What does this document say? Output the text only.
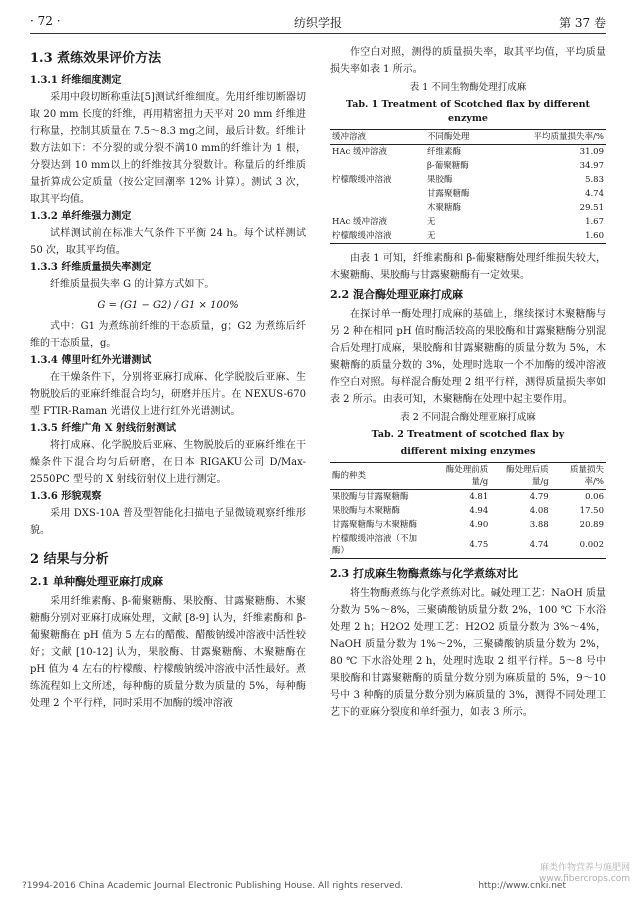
· 72 ·	纺织学报	第 37 卷
1.3 煮练效果评价方法
1.3.1 纤维细度测定
采用中段切断称重法[5]测试纤维细度。先用纤维切断器切取 20 mm 长度的纤维，再用精密扭力天平对 20 mm 纤维进行称量，控制其质量在 7.5～8.3 mg之间，最后计数。纤维计数方法如下：不分裂的或分裂不满10 mm的纤维计为 1 根，分裂达到 10 mm以上的纤维按其分裂数计。称量后的纤维质量折算成公定质量（按公定回潮率 12% 计算）。测试 3 次，取其平均值。
1.3.2 单纤维强力测定
试样测试前在标准大气条件下平衡 24 h。每个试样测试 50 次，取其平均值。
1.3.3 纤维质量损失率测定
纤维质量损失率 G 的计算方式如下。
G = (G1 − G2) / G1 × 100%
式中：G1 为煮练前纤维的干态质量，g；G2 为煮练后纤维的干态质量，g。
1.3.4 傅里叶红外光谱测试
在干燥条件下，分别将亚麻打成麻、化学脱胶后亚麻、生物脱胶后的亚麻纤维混合均匀，研磨并压片。在 NEXUS-670 型 FTIR-Raman 光谱仪上进行红外光谱测试。
1.3.5 纤维广角 X 射线衍射测试
将打成麻、化学脱胶后亚麻、生物脱胶后的亚麻纤维在干燥条件下混合均匀后研磨，在日本 RIGAKU公司 D/Max-2550PC 型号的 X 射线衍射仪上进行测定。
1.3.6 形貌观察
采用 DXS-10A 普及型智能化扫描电子显微镜观察纤维形貌。
2 结果与分析
2.1 单种酶处理亚麻打成麻
采用纤维素酶、β-葡聚糖酶、果胶酶、甘露聚糖酶、木聚糖酶分别对亚麻打成麻处理，文献 [8-9] 认为，纤维素酶和 β-葡聚糖酶在 pH 值为 5 左右的醋酸、醋酸钠缓冲溶液中活性较好；文献 [10-12] 认为，果胶酶、甘露聚糖酶、木聚糖酶在 pH 值为 4 左右的柠檬酸、柠檬酸钠缓冲溶液中活性最好。煮练流程如上文所述，每种酶的质量分数为质量的 5%，每种酶处理 2 个平行样，同时采用不加酶的缓冲溶液
作空白对照，测得的质量损失率，取其平均值，平均质量损失率如表 1 所示。
表 1 不同生物酶处理打成麻
Tab. 1 Treatment of Scotched flax by different enzyme
缓冲溶液	不同酶处理	平均质量损失率/%
HAc 缓冲溶液	纤维素酶	31.09
	β-葡聚糖酶	34.97
柠檬酸缓冲溶液	果胶酶	5.83
	甘露聚糖酶	4.74
	木聚糖酶	29.51
HAc 缓冲溶液	无	1.67
柠檬酸缓冲溶液	无	1.60
由表 1 可知，纤维素酶和 β-葡聚糖酶处理纤维损失较大，木聚糖酶、果胶酶与甘露聚糖酶有一定效果。
2.2 混合酶处理亚麻打成麻
在探讨单一酶处理打成麻的基础上，继续探讨木聚糖酶与另 2 种在相同 pH 值时酶活较高的果胶酶和甘露聚糖酶分别混合后处理打成麻，果胶酶和甘露聚糖酶的质量分数为 5%，木聚糖酶的质量分数的 3%，处理时选取一个不加酶的缓冲溶液作空白对照。每样混合酶处理 2 组平行样，测得质量损失率如表 2 所示。由表可知，木聚糖酶在处理中起主要作用。
表 2 不同混合酶处理亚麻打成麻
Tab. 2 Treatment of scotched flax by
different mixing enzymes
酶的种类	酶处理前质量/g	酶处理后质量/g	质量损失率/%
果胶酶与甘露聚糖酶	4.81	4.79	0.06
果胶酶与木聚糖酶	4.94	4.08	17.50
甘露聚糖酶与木聚糖酶	4.90	3.88	20.89
柠檬酸缓冲溶液（不加酶）	4.75	4.74	0.002
2.3 打成麻生物酶煮练与化学煮练对比
将生物酶煮练与化学煮练对比。碱处理工艺：NaOH 质量分数为 5%～8%，三聚磷酸钠质量分数 2%，100 ℃ 下水浴处理 2 h；H2O2 处理工艺：H2O2 质量分数为 3%～4%，NaOH 质量分数为 1%～2%，三聚磷酸钠质量分数为 2%，80 ℃ 下水浴处理 2 h，处理时选取 2 组平行样。5～8 号中果胶酶和甘露聚糖酶的质量分数分别为麻质量的 5%，9～10 号中 3 种酶的质量分数分别为麻质量的 3%，测得不同处理工艺下的亚麻分裂度和单纤强力，如表 3 所示。
?1994-2016 China Academic Journal Electronic Publishing House. All rights reserved.	http://www.cnki.net
麻类作物营养与施肥网
www.fibercrops.com
